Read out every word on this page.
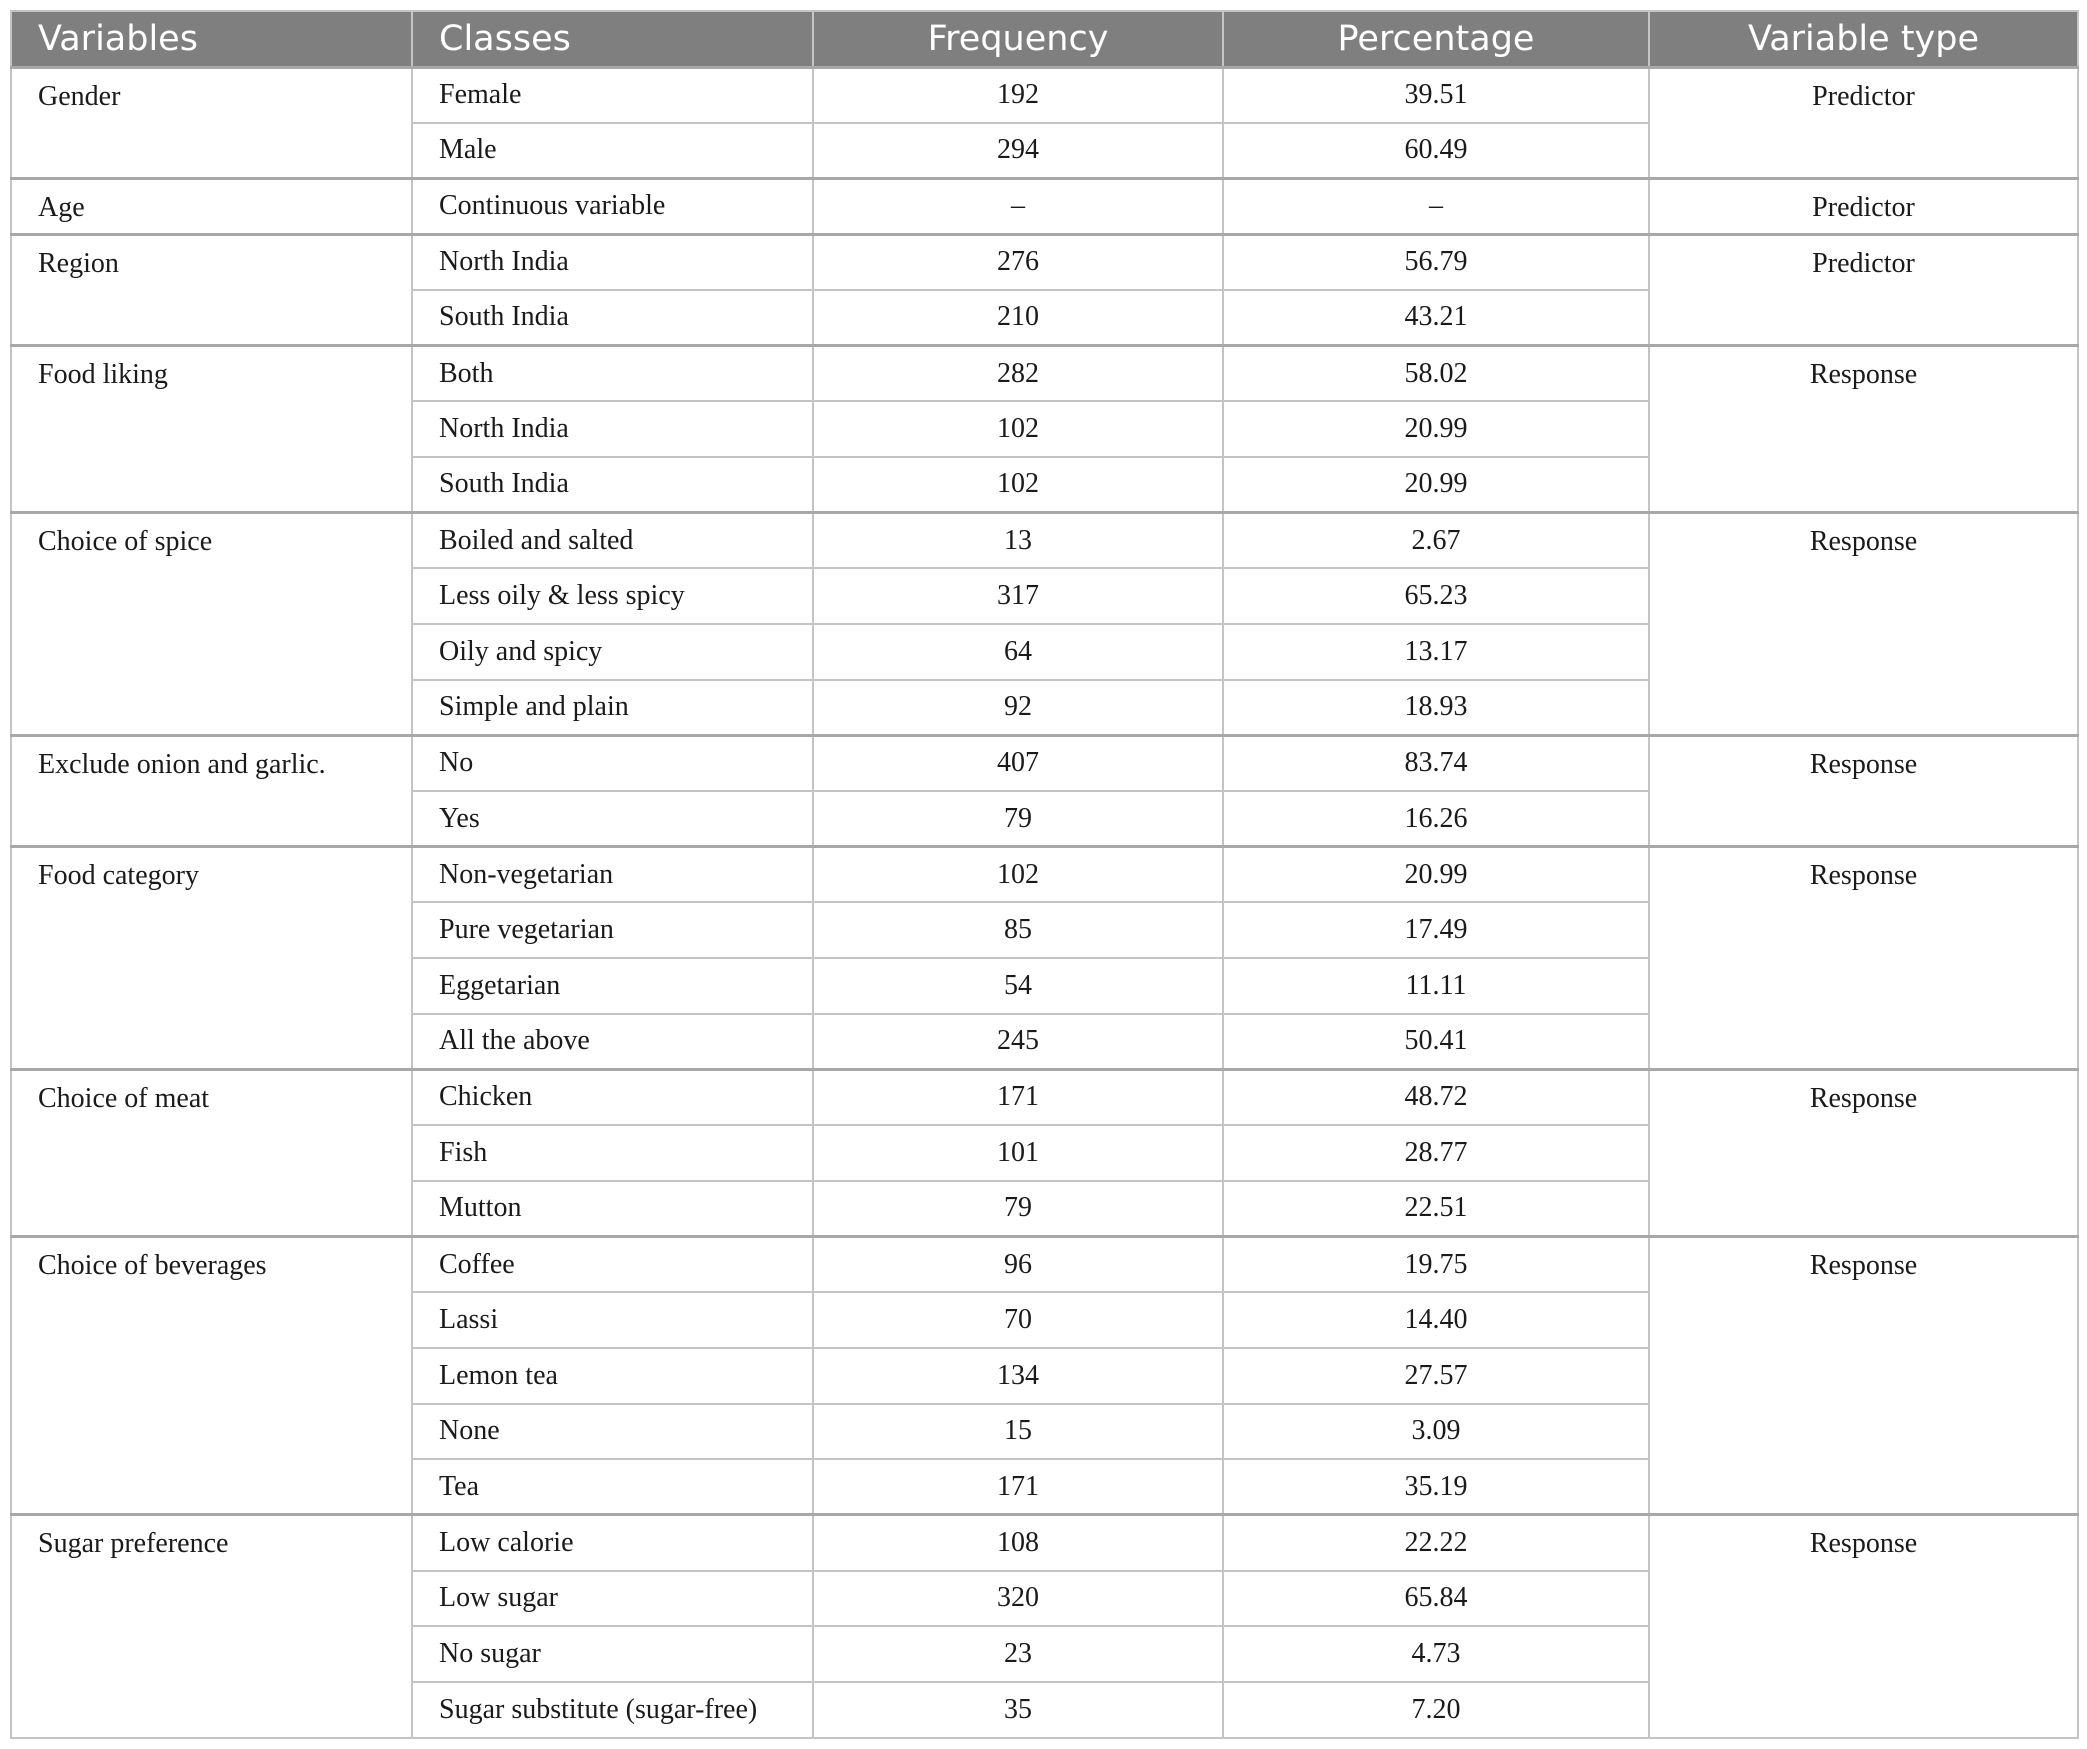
Variables	Classes	Frequency	Percentage	Variable type
Gender	Female	192	39.51	Predictor
	Male	294	60.49	
Age	Continuous variable	–	–	Predictor
Region	North India	276	56.79	Predictor
	South India	210	43.21	
Food liking	Both	282	58.02	Response
	North India	102	20.99	
	South India	102	20.99	
Choice of spice	Boiled and salted	13	2.67	Response
	Less oily & less spicy	317	65.23	
	Oily and spicy	64	13.17	
	Simple and plain	92	18.93	
Exclude onion and garlic.	No	407	83.74	Response
	Yes	79	16.26	
Food category	Non-vegetarian	102	20.99	Response
	Pure vegetarian	85	17.49	
	Eggetarian	54	11.11	
	All the above	245	50.41	
Choice of meat	Chicken	171	48.72	Response
	Fish	101	28.77	
	Mutton	79	22.51	
Choice of beverages	Coffee	96	19.75	Response
	Lassi	70	14.40	
	Lemon tea	134	27.57	
	None	15	3.09	
	Tea	171	35.19	
Sugar preference	Low calorie	108	22.22	Response
	Low sugar	320	65.84	
	No sugar	23	4.73	
	Sugar substitute (sugar-free)	35	7.20	
